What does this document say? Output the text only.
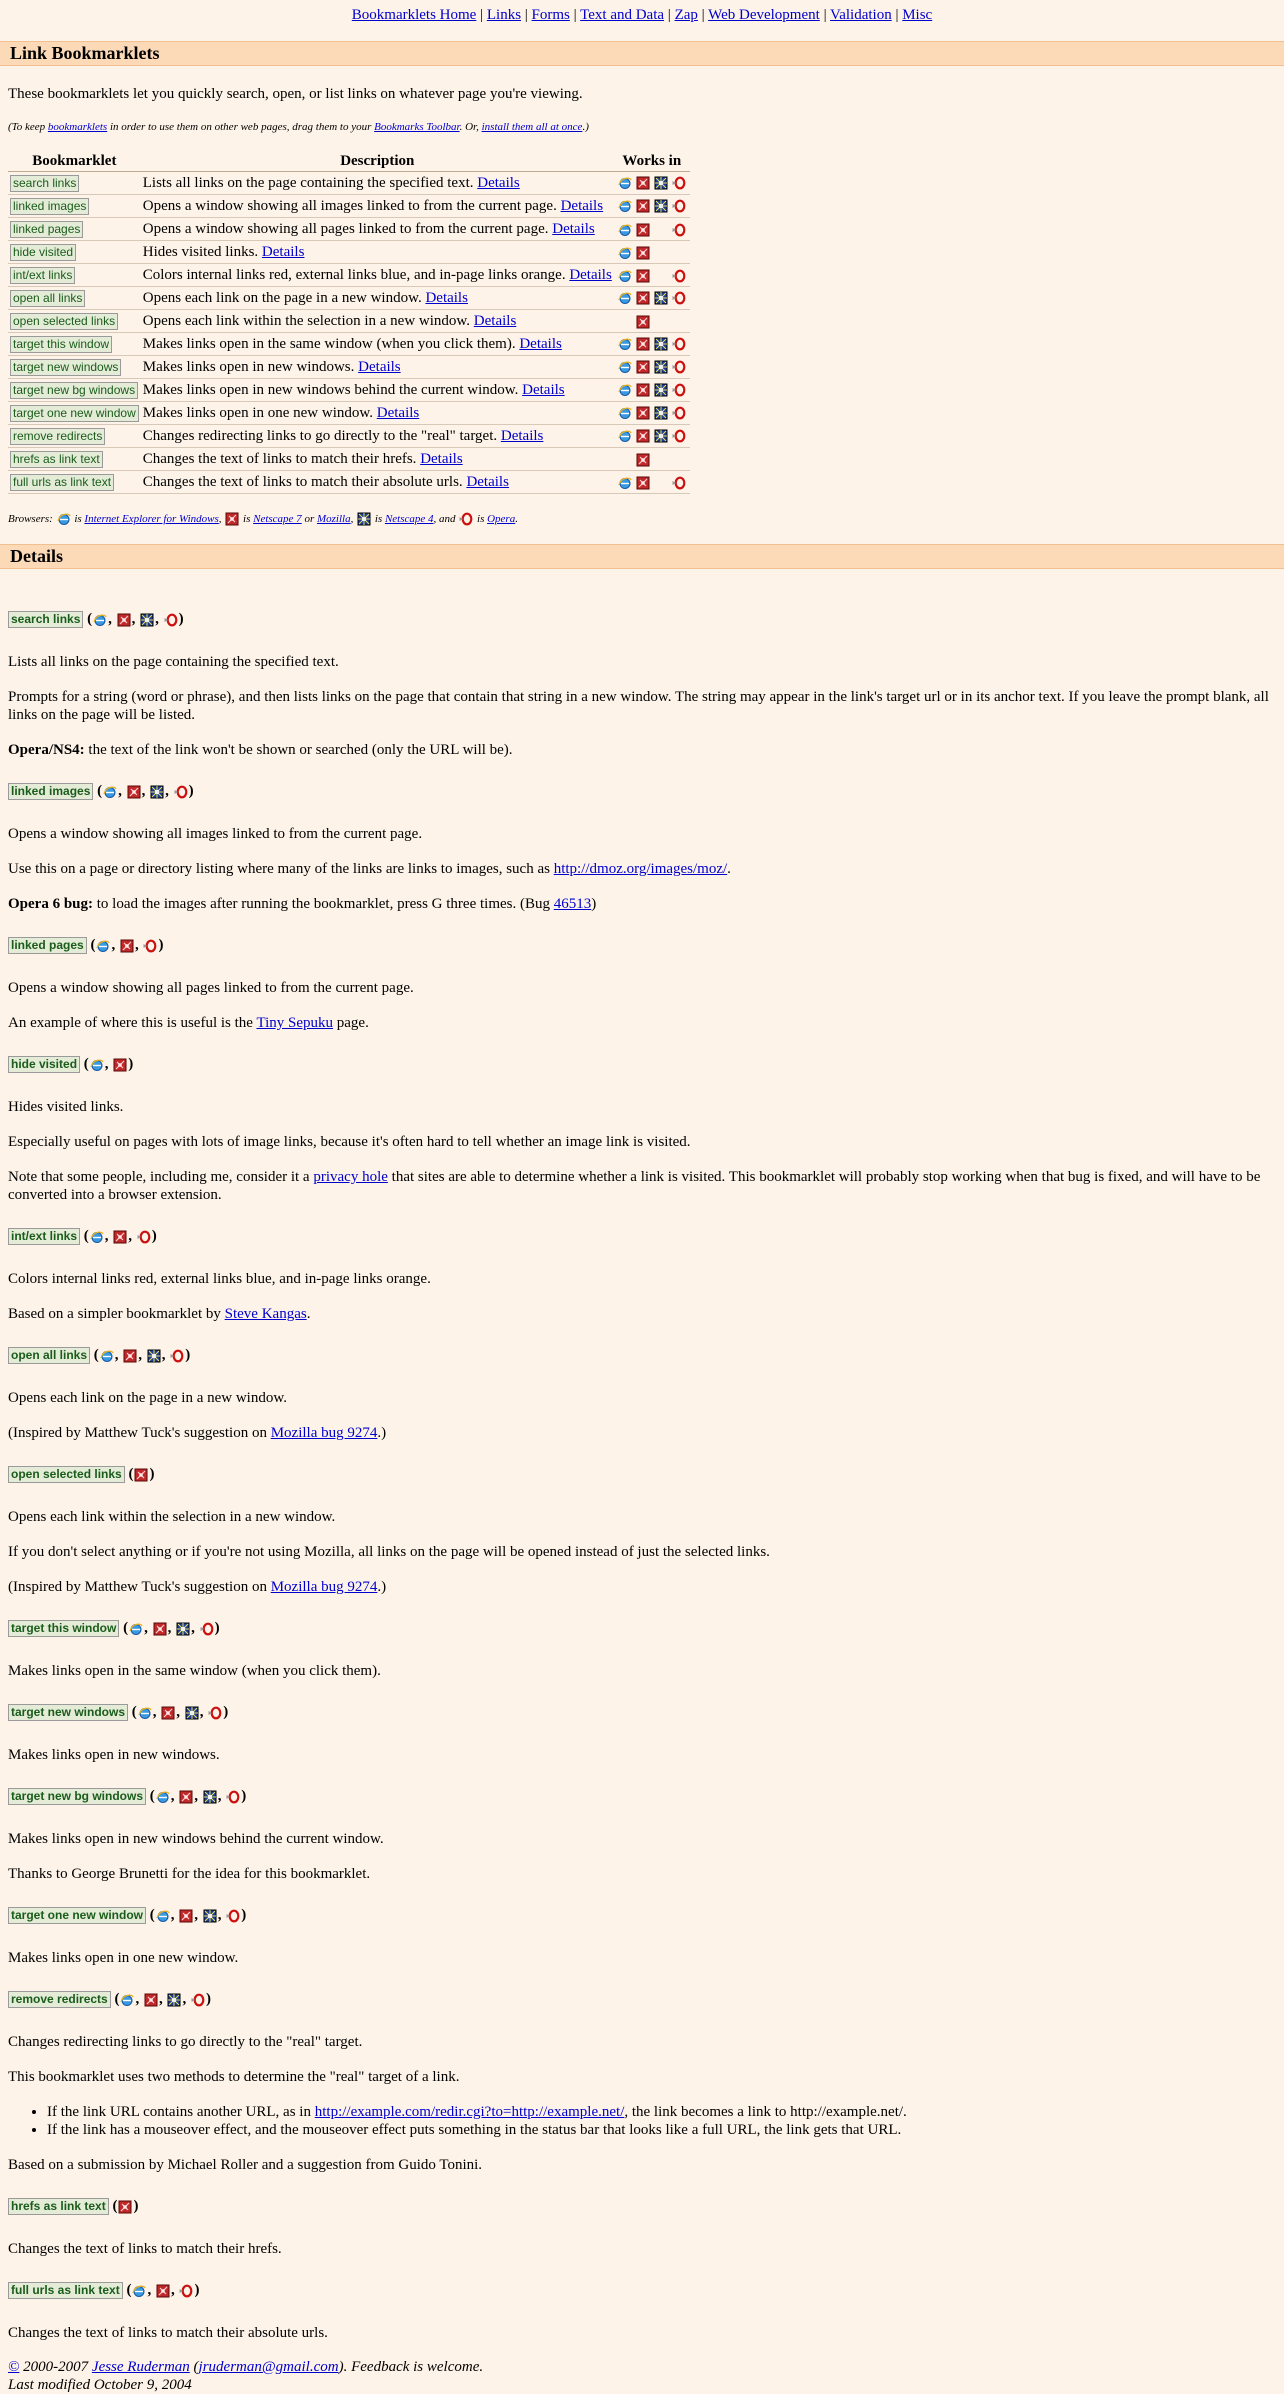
Bookmarklets Home | Links | Forms | Text and Data | Zap | Web Development | Validation | Misc
Link Bookmarklets

These bookmarklets let you quickly search, open, or list links on whatever page you're viewing.

(To keep bookmarklets in order to use them on other web pages, drag them to your Bookmarks Toolbar. Or, install them all at once.)

Bookmarklet	Description	Works in
search links	Lists all links on the page containing the specified text. Details	
linked images	Opens a window showing all images linked to from the current page. Details	
linked pages	Opens a window showing all pages linked to from the current page. Details	
hide visited	Hides visited links. Details	
int/ext links	Colors internal links red, external links blue, and in-page links orange. Details	
open all links	Opens each link on the page in a new window. Details	
open selected links	Opens each link within the selection in a new window. Details	
target this window	Makes links open in the same window (when you click them). Details	
target new windows	Makes links open in new windows. Details	
target new bg windows	Makes links open in new windows behind the current window. Details	
target one new window	Makes links open in one new window. Details	
remove redirects	Changes redirecting links to go directly to the "real" target. Details	
hrefs as link text	Changes the text of links to match their hrefs. Details	
full urls as link text	Changes the text of links to match their absolute urls. Details	

Browsers:  is Internet Explorer for Windows,  is Netscape 7 or Mozilla,  is Netscape 4, and  is Opera.

Details
search links ( , , , )

Lists all links on the page containing the specified text.

Prompts for a string (word or phrase), and then lists links on the page that contain that string in a new window. The string may appear in the link's target url or in its anchor text. If you leave the prompt blank, all links on the page will be listed.

Opera/NS4: the text of the link won't be shown or searched (only the URL will be).

linked images ( , , , )

Opens a window showing all images linked to from the current page.

Use this on a page or directory listing where many of the links are links to images, such as http://dmoz.org/images/moz/.

Opera 6 bug: to load the images after running the bookmarklet, press G three times. (Bug 46513)

linked pages ( , , )

Opens a window showing all pages linked to from the current page.

An example of where this is useful is the Tiny Sepuku page.

hide visited ( , )

Hides visited links.

Especially useful on pages with lots of image links, because it's often hard to tell whether an image link is visited.

Note that some people, including me, consider it a privacy hole that sites are able to determine whether a link is visited. This bookmarklet will probably stop working when that bug is fixed, and will have to be converted into a browser extension.

int/ext links ( , , )

Colors internal links red, external links blue, and in-page links orange.

Based on a simpler bookmarklet by Steve Kangas.

open all links ( , , , )

Opens each link on the page in a new window.

(Inspired by Matthew Tuck's suggestion on Mozilla bug 9274.)

open selected links ( )

Opens each link within the selection in a new window.

If you don't select anything or if you're not using Mozilla, all links on the page will be opened instead of just the selected links.

(Inspired by Matthew Tuck's suggestion on Mozilla bug 9274.)

target this window ( , , , )

Makes links open in the same window (when you click them).

target new windows ( , , , )

Makes links open in new windows.

target new bg windows ( , , , )

Makes links open in new windows behind the current window.

Thanks to George Brunetti for the idea for this bookmarklet.

target one new window ( , , , )

Makes links open in one new window.

remove redirects ( , , , )

Changes redirecting links to go directly to the "real" target.

This bookmarklet uses two methods to determine the "real" target of a link.

• If the link URL contains another URL, as in http://example.com/redir.cgi?to=http://example.net/, the link becomes a link to http://example.net/.
• If the link has a mouseover effect, and the mouseover effect puts something in the status bar that looks like a full URL, the link gets that URL.

Based on a submission by Michael Roller and a suggestion from Guido Tonini.

hrefs as link text ( )

Changes the text of links to match their hrefs.

full urls as link text ( , , )

Changes the text of links to match their absolute urls.

© 2000-2007 Jesse Ruderman (jruderman@gmail.com). Feedback is welcome.
Last modified October 9, 2004
